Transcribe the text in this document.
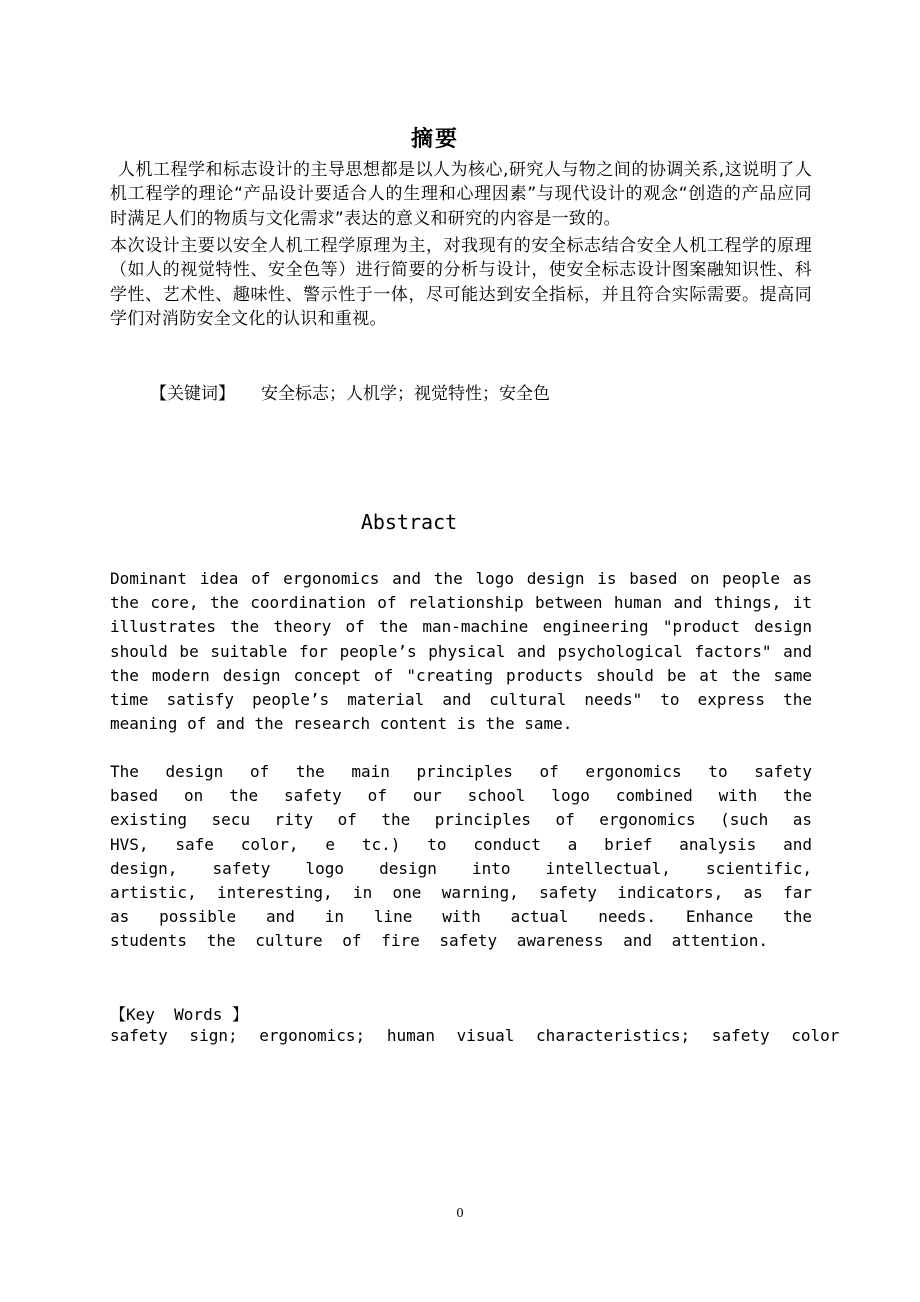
摘要
人机工程学和标志设计的主导思想都是以人为核心,研究人与物之间的协调关系,这说明了人机工程学的理论“产品设计要适合人的生理和心理因素”与现代设计的观念“创造的产品应同时满足人们的物质与文化需求”表达的意义和研究的内容是一致的。
本次设计主要以安全人机工程学原理为主，对我现有的安全标志结合安全人机工程学的原理（如人的视觉特性、安全色等）进行简要的分析与设计，使安全标志设计图案融知识性、科学性、艺术性、趣味性、警示性于一体，尽可能达到安全指标，并且符合实际需要。提高同学们对消防安全文化的认识和重视。
【关键词】 安全标志；人机学；视觉特性；安全色
Abstract
Dominant idea of ergonomics and the logo design is based on people as the core, the coordination of relationship between human and things, it illustrates the theory of the man-machine engineering "product design should be suitable for people’s physical and psychological factors" and the modern design concept of "creating products should be at the same time satisfy people’s material and cultural needs" to express the meaning of and the research content is the same.
The design of the main principles of ergonomics to safety based on the safety of our school logo combined with the existing secu rity of the principles of ergonomics (such as HVS, safe color, e tc.) to conduct a brief analysis and design, safety logo design into intellectual, scientific, artistic, interesting, in one warning, safety indicators, as far as possible and in line with actual needs. Enhance the students the culture of fire safety awareness and attention.
【Key  Words 】
safety sign; ergonomics; human visual characteristics; safety color
0
